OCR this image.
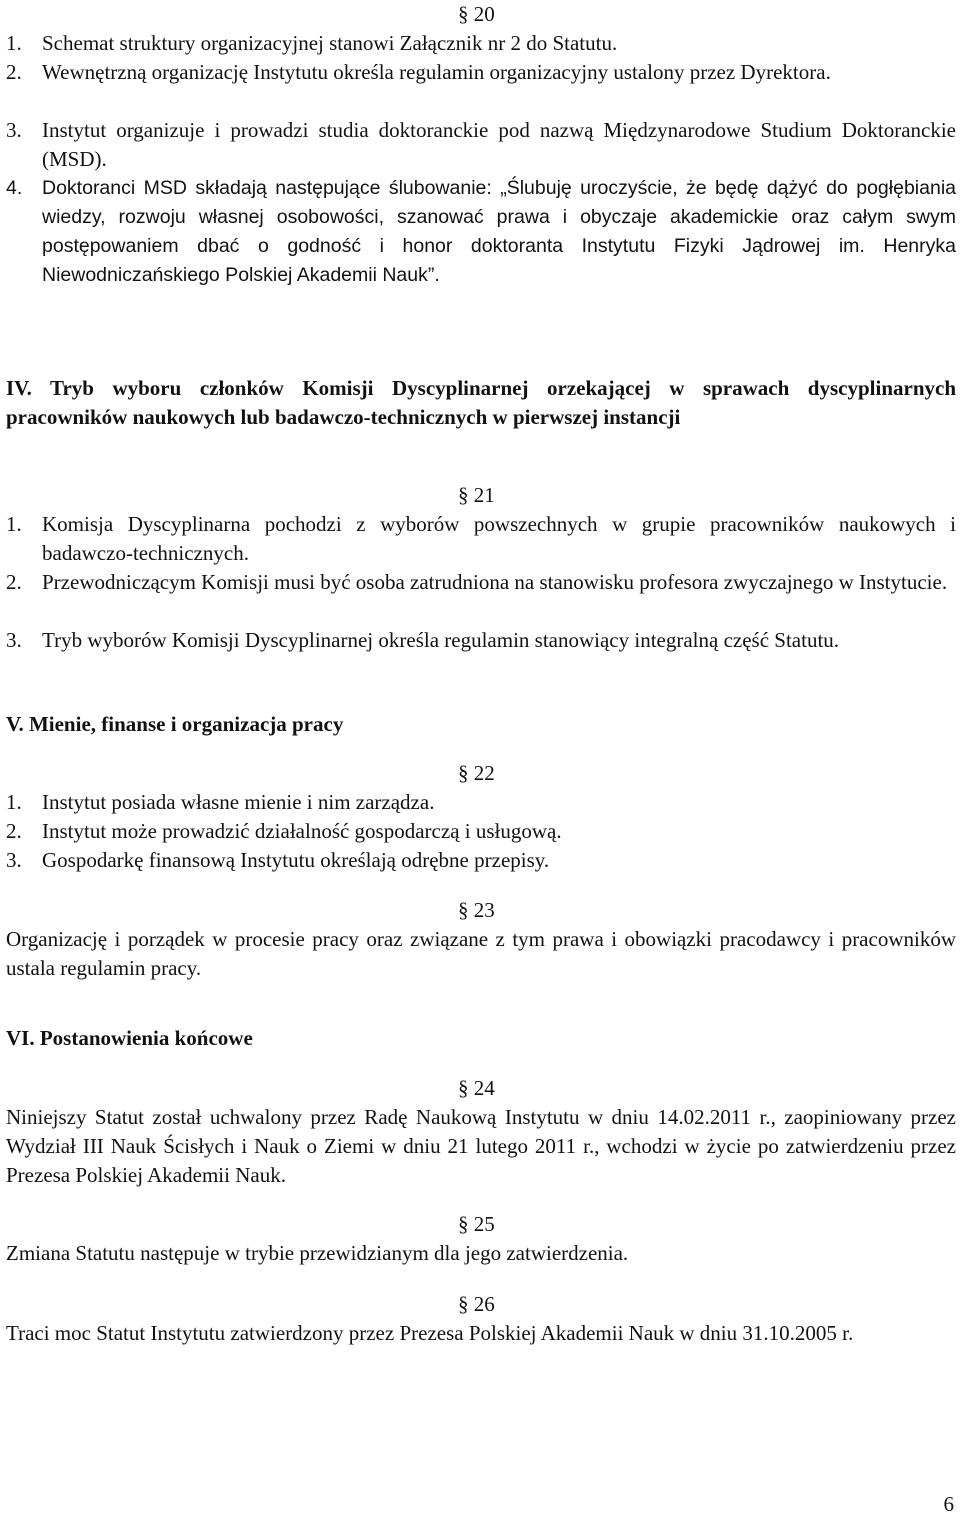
§ 20
1. Schemat struktury organizacyjnej stanowi Załącznik nr 2 do Statutu.
2. Wewnętrzną organizację Instytutu określa regulamin organizacyjny ustalony przez Dyrektora.
3. Instytut organizuje i prowadzi studia doktoranckie pod nazwą Międzynarodowe Studium Doktoranckie (MSD).
4. Doktoranci MSD składają następujące ślubowanie: „Ślubuję uroczyście, że będę dążyć do pogłębiania wiedzy, rozwoju własnej osobowości, szanować prawa i obyczaje akademickie oraz całym swym postępowaniem dbać o godność i honor doktoranta Instytutu Fizyki Jądrowej im. Henryka Niewodniczańskiego Polskiej Akademii Nauk”.
IV. Tryb wyboru członków Komisji Dyscyplinarnej orzekającej w sprawach dyscyplinarnych pracowników naukowych lub badawczo-technicznych w pierwszej instancji
§ 21
1. Komisja Dyscyplinarna pochodzi z wyborów powszechnych w grupie pracowników naukowych i badawczo-technicznych.
2. Przewodniczącym Komisji musi być osoba zatrudniona na stanowisku profesora zwyczajnego w Instytucie.
3. Tryb wyborów Komisji Dyscyplinarnej określa regulamin stanowiący integralną część Statutu.
V. Mienie, finanse i organizacja pracy
§ 22
1. Instytut posiada własne mienie i nim zarządza.
2. Instytut może prowadzić działalność gospodarczą i usługową.
3. Gospodarkę finansową Instytutu określają odrębne przepisy.
§ 23
Organizację i porządek w procesie pracy oraz związane z tym prawa i obowiązki pracodawcy i pracowników ustala regulamin pracy.
VI. Postanowienia końcowe
§ 24
Niniejszy Statut został uchwalony przez Radę Naukową Instytutu w dniu 14.02.2011 r., zaopiniowany przez Wydział III Nauk Ścisłych i Nauk o Ziemi w dniu 21 lutego 2011 r., wchodzi w życie po zatwierdzeniu przez Prezesa Polskiej Akademii Nauk.
§ 25
Zmiana Statutu następuje w trybie przewidzianym dla jego zatwierdzenia.
§ 26
Traci moc Statut Instytutu zatwierdzony przez Prezesa Polskiej Akademii Nauk w dniu 31.10.2005 r.
6
